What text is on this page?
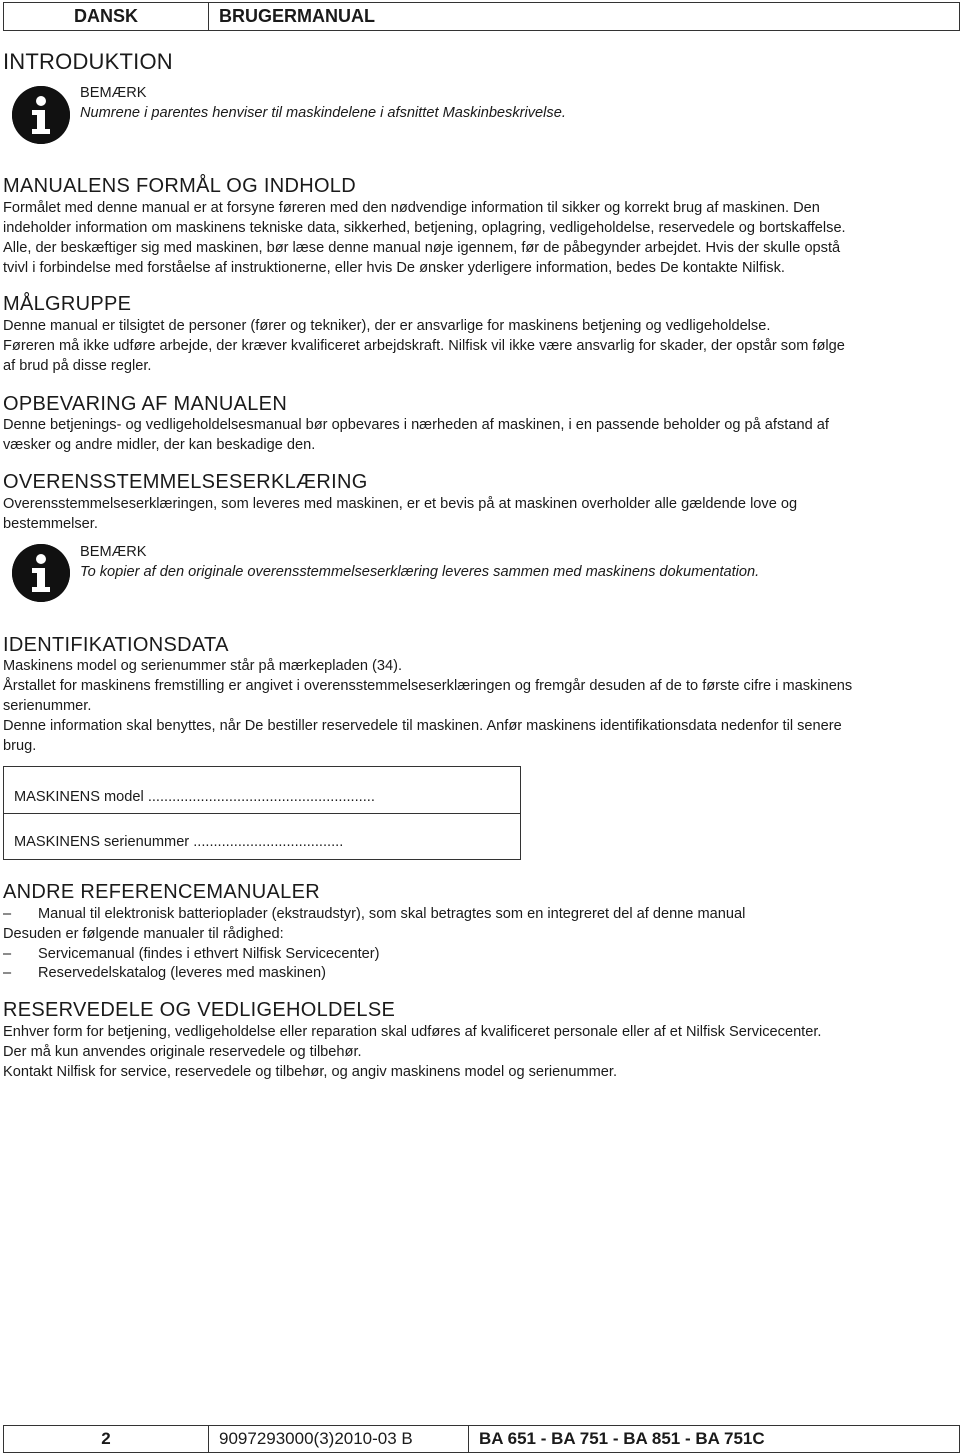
DANSK	BRUGERMANUAL
INTRODUKTION
BEMÆRK
Numrene i parentes henviser til maskindelene i afsnittet Maskinbeskrivelse.
MANUALENS FORMÅL OG INDHOLD
Formålet med denne manual er at forsyne føreren med den nødvendige information til sikker og korrekt brug af maskinen. Den
indeholder information om maskinens tekniske data, sikkerhed, betjening, oplagring, vedligeholdelse, reservedele og bortskaffelse.
Alle, der beskæftiger sig med maskinen, bør læse denne manual nøje igennem, før de påbegynder arbejdet. Hvis der skulle opstå
tvivl i forbindelse med forståelse af instruktionerne, eller hvis De ønsker yderligere information, bedes De kontakte Nilfisk.
MÅLGRUPPE
Denne manual er tilsigtet de personer (fører og tekniker), der er ansvarlige for maskinens betjening og vedligeholdelse.
Føreren må ikke udføre arbejde, der kræver kvalificeret arbejdskraft. Nilfisk vil ikke være ansvarlig for skader, der opstår som følge
af brud på disse regler.
OPBEVARING AF MANUALEN
Denne betjenings- og vedligeholdelsesmanual bør opbevares i nærheden af maskinen, i en passende beholder og på afstand af
væsker og andre midler, der kan beskadige den.
OVERENSSTEMMELSESERKLÆRING
Overensstemmelseserklæringen, som leveres med maskinen, er et bevis på at maskinen overholder alle gældende love og
bestemmelser.
BEMÆRK
To kopier af den originale overensstemmelseserklæring leveres sammen med maskinens dokumentation.
IDENTIFIKATIONSDATA
Maskinens model og serienummer står på mærkepladen (34).
Årstallet for maskinens fremstilling er angivet i overensstemmelseserklæringen og fremgår desuden af de to første cifre i maskinens
serienummer.
Denne information skal benyttes, når De bestiller reservedele til maskinen. Anfør maskinens identifikationsdata nedenfor til senere
brug.
MASKINENS model ........................................................
MASKINENS serienummer .....................................
ANDRE REFERENCEMANUALER
– Manual til elektronisk batterioplader (ekstraudstyr), som skal betragtes som en integreret del af denne manual
Desuden er følgende manualer til rådighed:
– Servicemanual (findes i ethvert Nilfisk Servicecenter)
– Reservedelskatalog (leveres med maskinen)
RESERVEDELE OG VEDLIGEHOLDELSE
Enhver form for betjening, vedligeholdelse eller reparation skal udføres af kvalificeret personale eller af et Nilfisk Servicecenter.
Der må kun anvendes originale reservedele og tilbehør.
Kontakt Nilfisk for service, reservedele og tilbehør, og angiv maskinens model og serienummer.
2	9097293000(3)2010-03 B	BA 651 - BA 751 - BA 851 - BA 751C
